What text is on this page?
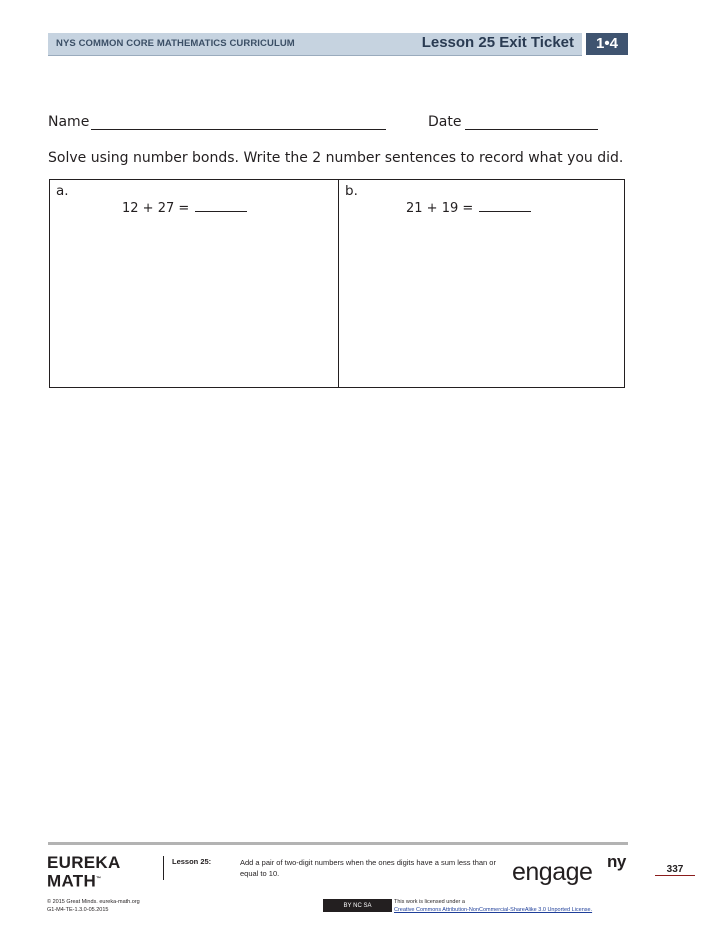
NYS COMMON CORE MATHEMATICS CURRICULUM	Lesson 25 Exit Ticket	1•4
Name	Date
Solve using number bonds. Write the 2 number sentences to record what you did.
a.
12 + 27 =
b.
21 + 19 =
EUREKA
MATH™
Lesson 25:	Add a pair of two-digit numbers when the ones digits have a sum less than or equal to 10.	engage ny	337
© 2015 Great Minds. eureka-math.org
G1-M4-TE-1.3.0-05.2015
BY NC SA
This work is licensed under a
Creative Commons Attribution-NonCommercial-ShareAlike 3.0 Unported License.
